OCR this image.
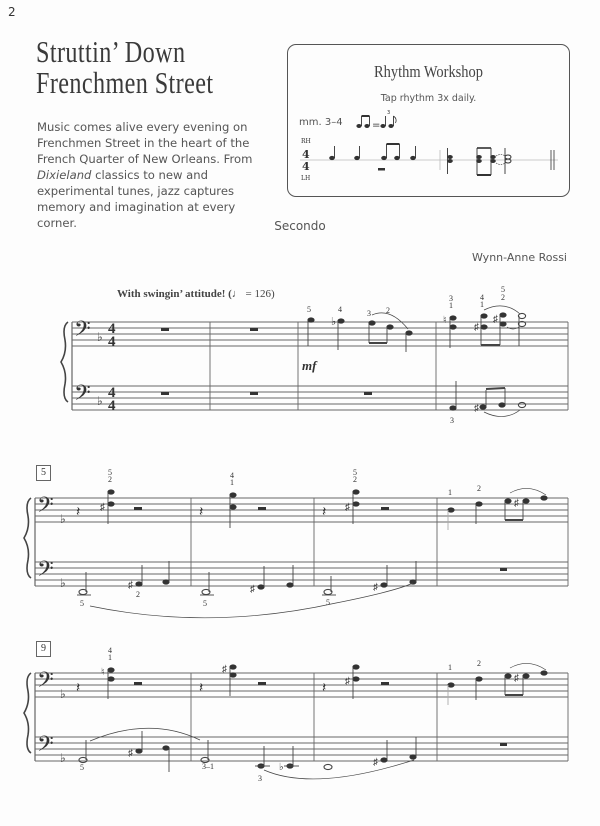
2
Struttin’ Down
Frenchmen Street
Music comes alive every evening on Frenchmen Street in the heart of the French Quarter of New Orleans. From Dixieland classics to new and experimental tunes, jazz captures memory and imagination at every corner.
Rhythm Workshop
Tap rhythm 3x daily.
mm. 3–4	=
3
RH
LH
4
4
Secondo
Wynn-Anne Rossi
With swingin’ attitude! (♩ = 126)
5
9
𝄢
𝄢
♭
♭
4
4
4
4
mf
♭
5	4	3 2
♮
♯
♯
3
1
4
1
5
2
♯
3
𝄢
𝄢
♭
♭
𝄽 ♯
5
2
♯
2
5
𝄽
4
1
♯
5
𝄽 ♯
5
2
♯
5
♯
1	2
𝄢
𝄢
♭
♭
𝄽
♮
4
1
♯
5
𝄽
♯
3–1	♭
3
𝄽 ♯
♯
♯
1	2
